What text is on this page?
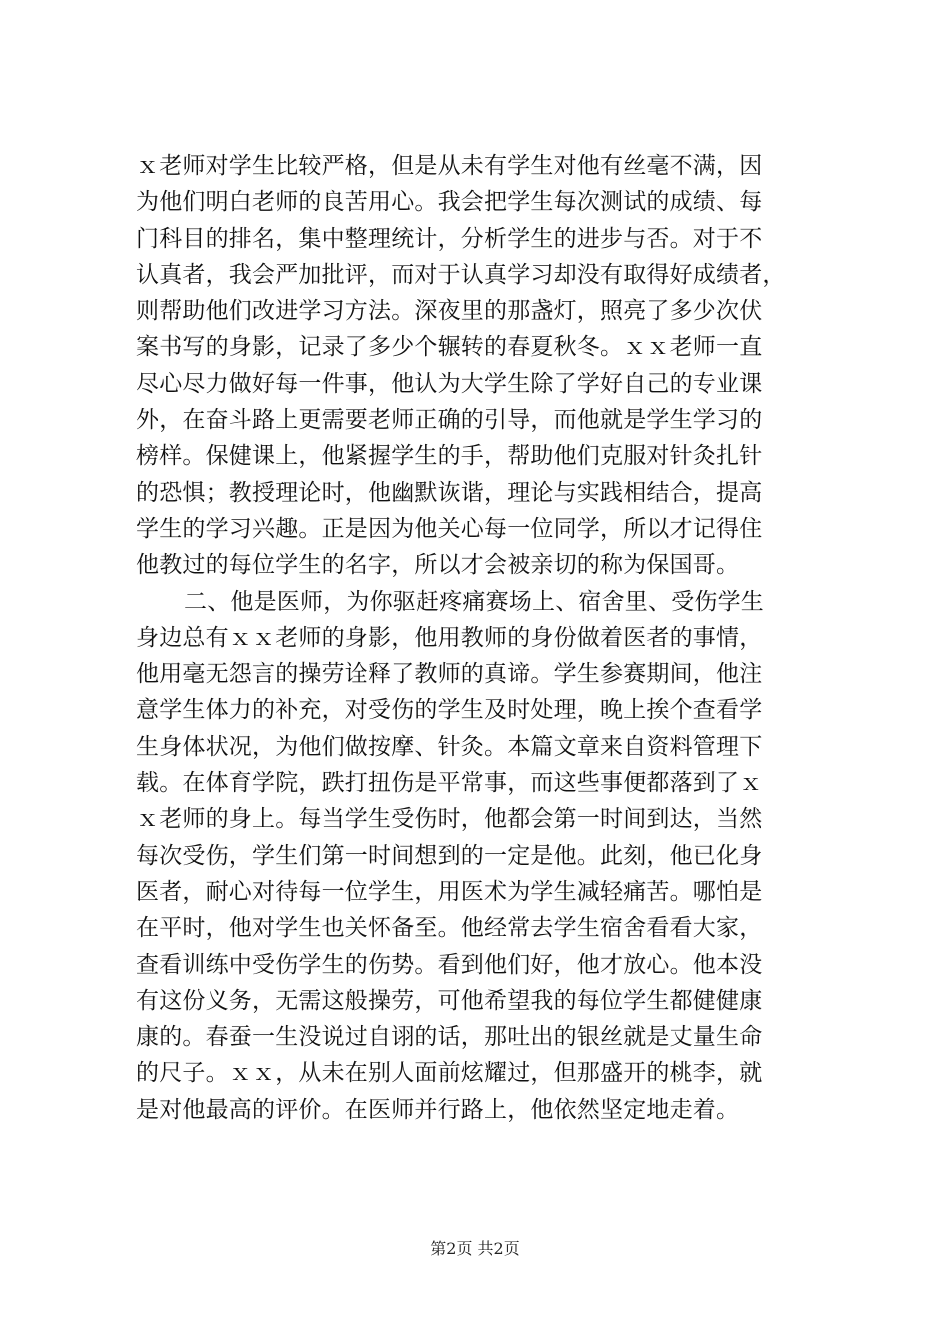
ｘ老师对学生比较严格，但是从未有学生对他有丝毫不满，因
为他们明白老师的良苦用心。我会把学生每次测试的成绩、每
门科目的排名，集中整理统计，分析学生的进步与否。对于不
认真者，我会严加批评，而对于认真学习却没有取得好成绩者，
则帮助他们改进学习方法。深夜里的那盏灯，照亮了多少次伏
案书写的身影，记录了多少个辗转的春夏秋冬。ｘｘ老师一直
尽心尽力做好每一件事，他认为大学生除了学好自己的专业课
外，在奋斗路上更需要老师正确的引导，而他就是学生学习的
榜样。保健课上，他紧握学生的手，帮助他们克服对针灸扎针
的恐惧；教授理论时，他幽默诙谐，理论与实践相结合，提高
学生的学习兴趣。正是因为他关心每一位同学，所以才记得住
他教过的每位学生的名字，所以才会被亲切的称为保国哥。
二、他是医师，为你驱赶疼痛赛场上、宿舍里、受伤学生
身边总有ｘｘ老师的身影，他用教师的身份做着医者的事情，
他用毫无怨言的操劳诠释了教师的真谛。学生参赛期间，他注
意学生体力的补充，对受伤的学生及时处理，晚上挨个查看学
生身体状况，为他们做按摩、针灸。本篇文章来自资料管理下
载。在体育学院，跌打扭伤是平常事，而这些事便都落到了ｘ
ｘ老师的身上。每当学生受伤时，他都会第一时间到达，当然
每次受伤，学生们第一时间想到的一定是他。此刻，他已化身
医者，耐心对待每一位学生，用医术为学生减轻痛苦。哪怕是
在平时，他对学生也关怀备至。他经常去学生宿舍看看大家，
查看训练中受伤学生的伤势。看到他们好，他才放心。他本没
有这份义务，无需这般操劳，可他希望我的每位学生都健健康
康的。春蚕一生没说过自诩的话，那吐出的银丝就是丈量生命
的尺子。ｘｘ，从未在别人面前炫耀过，但那盛开的桃李，就
是对他最高的评价。在医师并行路上，他依然坚定地走着。
第2页 共2页
